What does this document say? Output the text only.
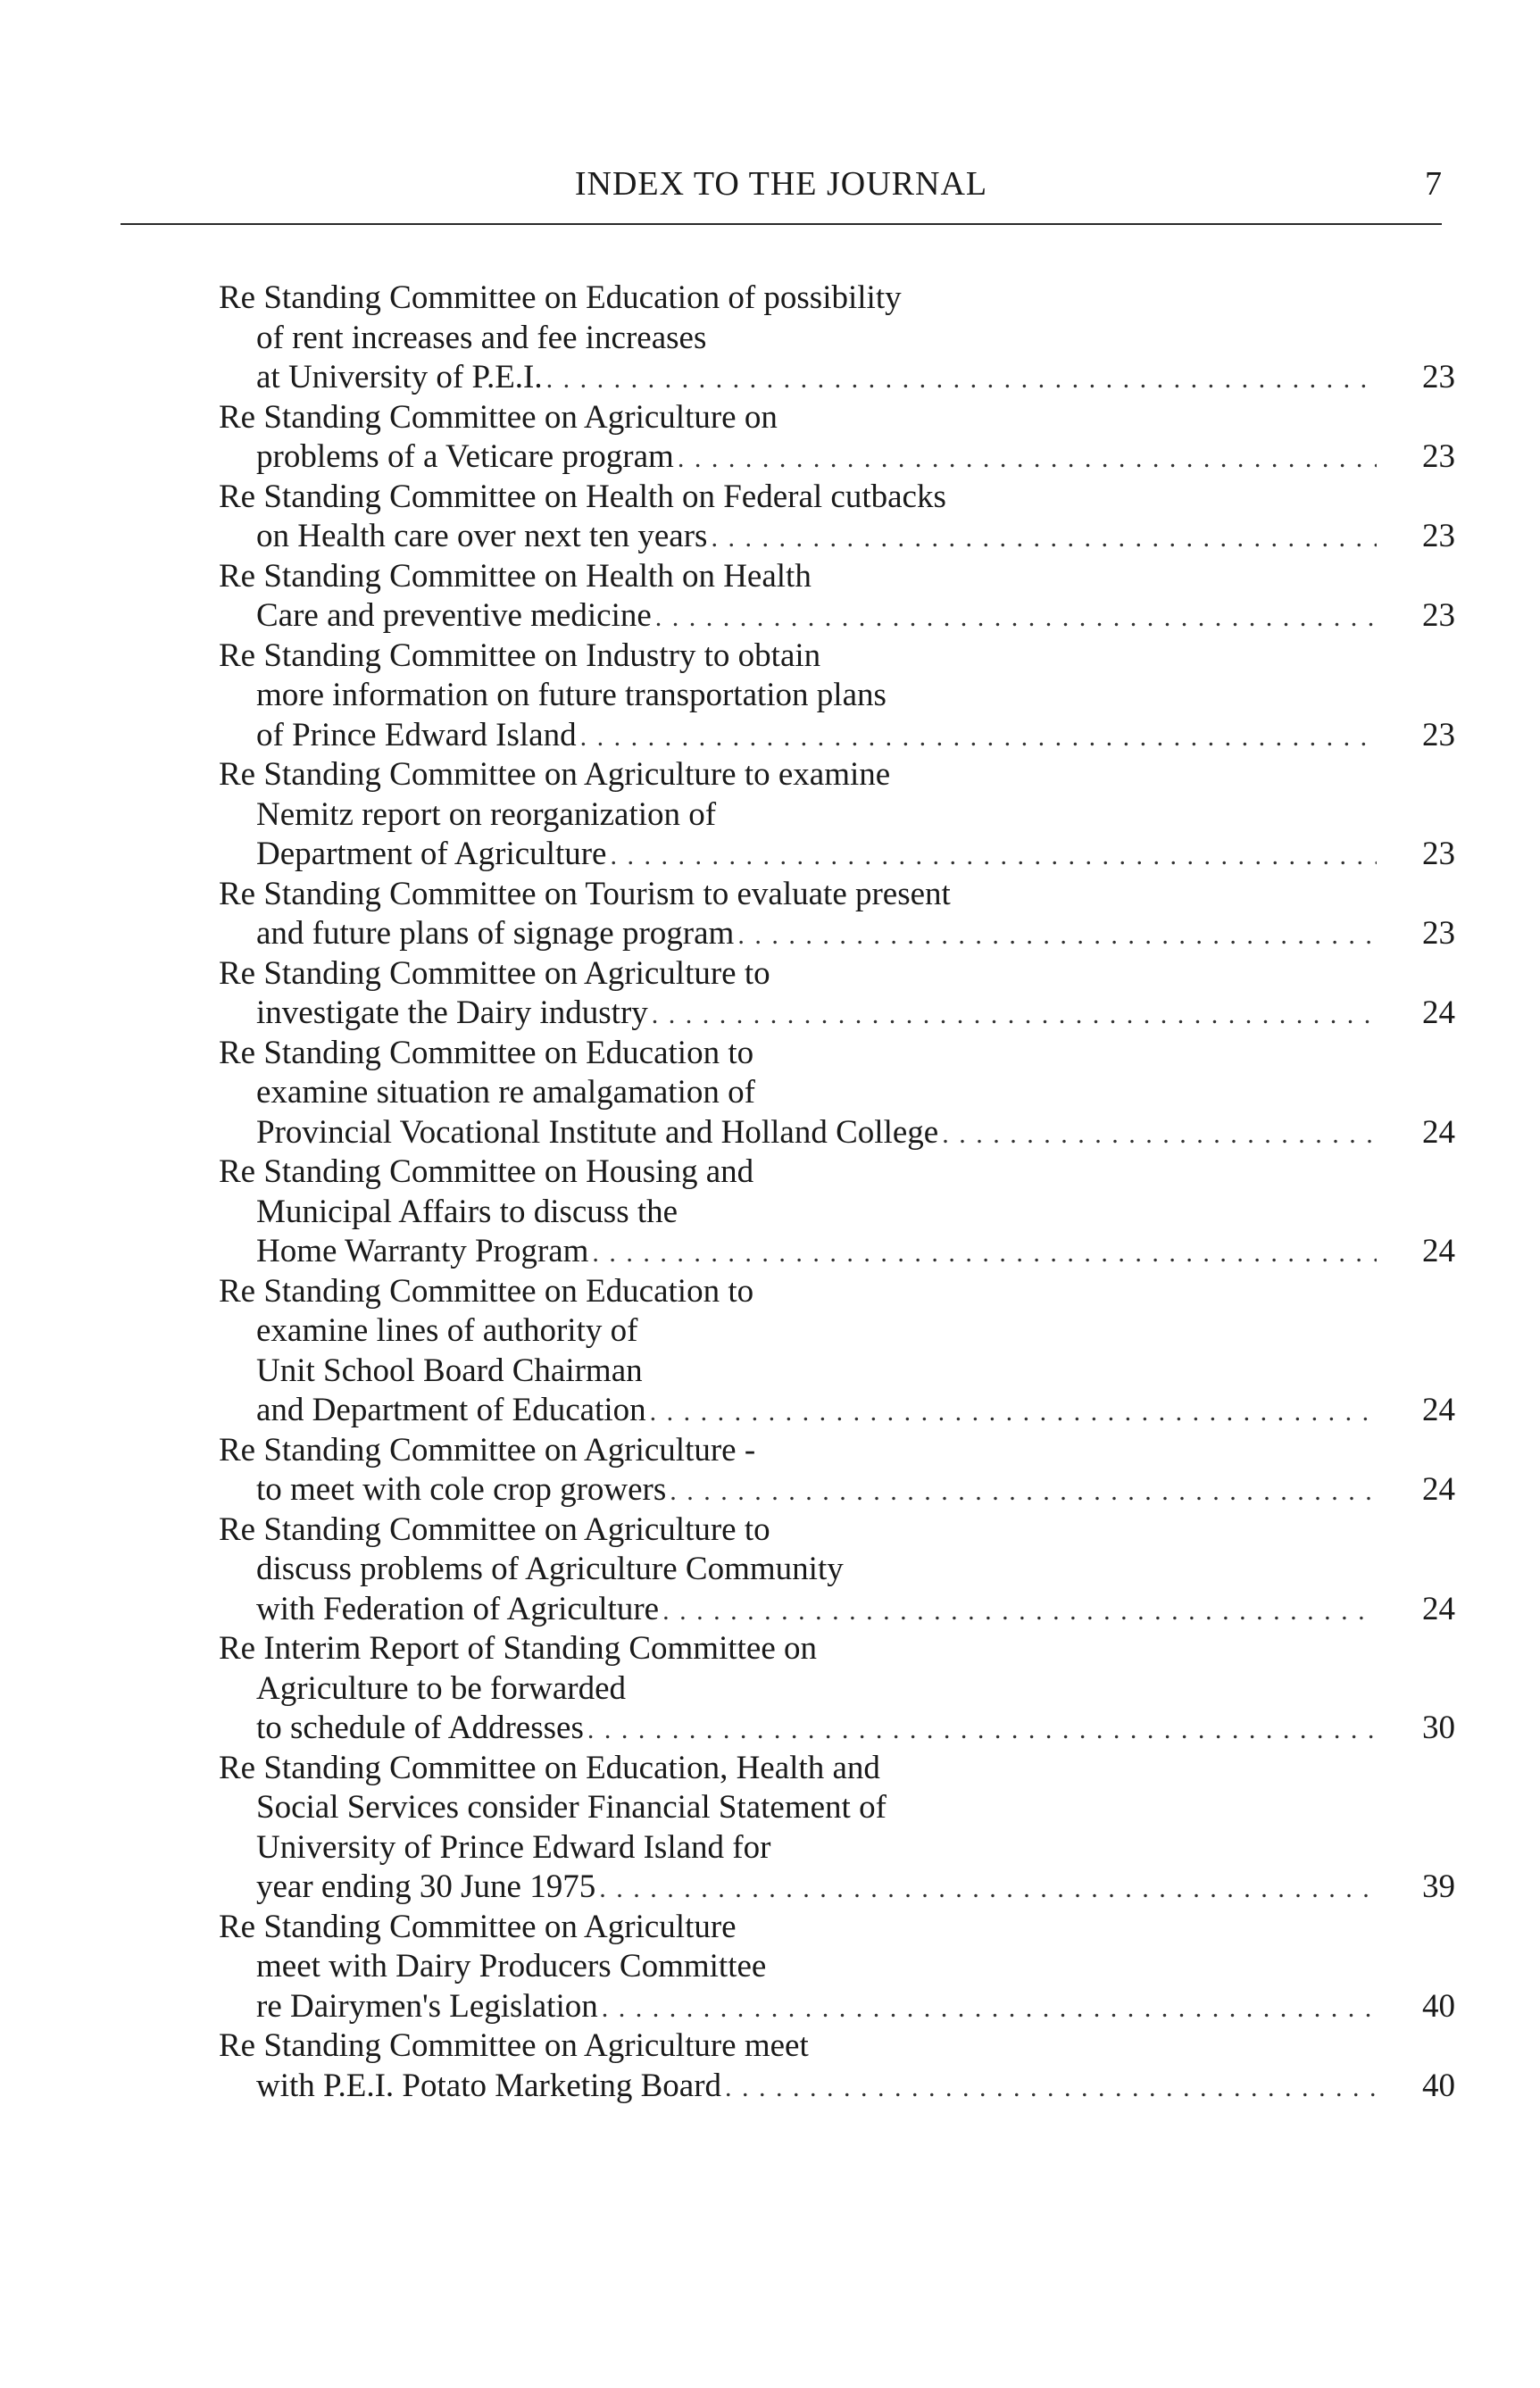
INDEX TO THE JOURNAL	7
Re Standing Committee on Education of possibility
of rent increases and fee increases
at University of P.E.I. . . .	23
Re Standing Committee on Agriculture on
problems of a Veticare program . . .	23
Re Standing Committee on Health on Federal cutbacks
on Health care over next ten years . . .	23
Re Standing Committee on Health on Health
Care and preventive medicine . . .	23
Re Standing Committee on Industry to obtain
more information on future transportation plans
of Prince Edward Island . . .	23
Re Standing Committee on Agriculture to examine
Nemitz report on reorganization of
Department of Agriculture . . .	23
Re Standing Committee on Tourism to evaluate present
and future plans of signage program . . .	23
Re Standing Committee on Agriculture to
investigate the Dairy industry . . .	24
Re Standing Committee on Education to
examine situation re amalgamation of
Provincial Vocational Institute and Holland College . . .	24
Re Standing Committee on Housing and
Municipal Affairs to discuss the
Home Warranty Program . . .	24
Re Standing Committee on Education to
examine lines of authority of
Unit School Board Chairman
and Department of Education . . .	24
Re Standing Committee on Agriculture -
to meet with cole crop growers . . .	24
Re Standing Committee on Agriculture to
discuss problems of Agriculture Community
with Federation of Agriculture . . .	24
Re Interim Report of Standing Committee on
Agriculture to be forwarded
to schedule of Addresses . . .	30
Re Standing Committee on Education, Health and
Social Services consider Financial Statement of
University of Prince Edward Island for
year ending 30 June 1975 . . .	39
Re Standing Committee on Agriculture
meet with Dairy Producers Committee
re Dairymen's Legislation . . .	40
Re Standing Committee on Agriculture meet
with P.E.I. Potato Marketing Board . . .	40
